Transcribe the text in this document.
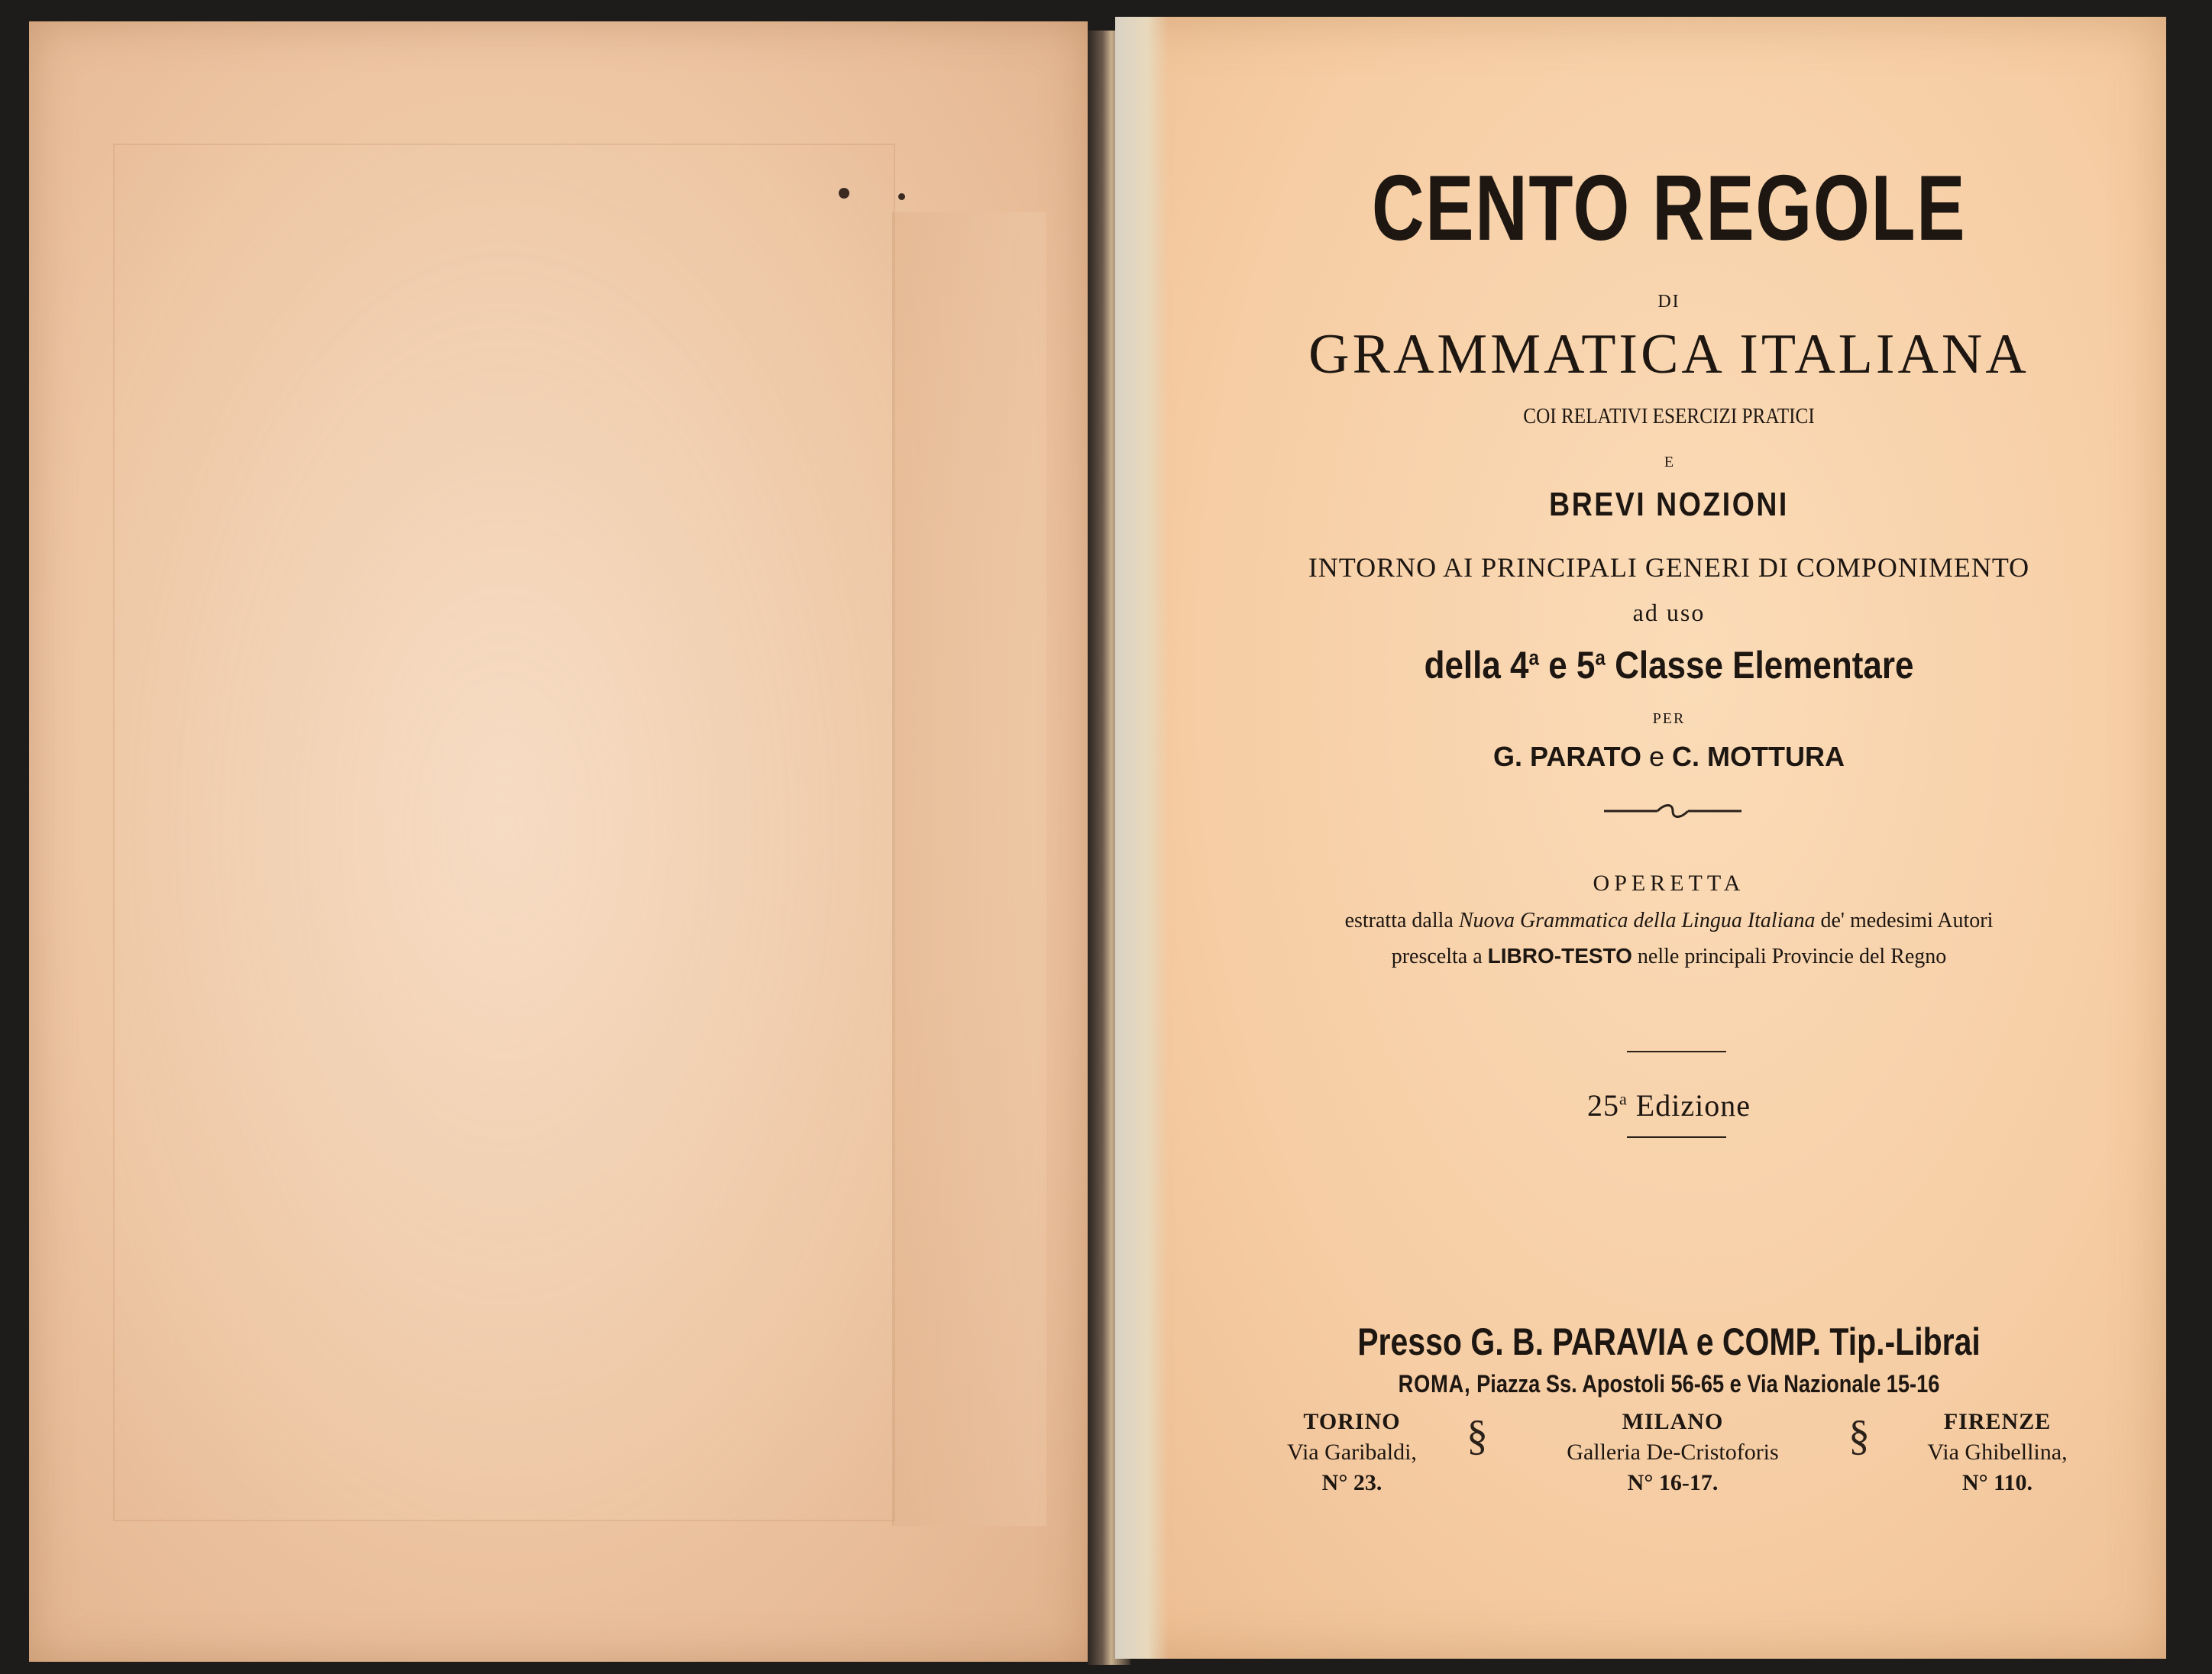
CENTO REGOLE
DI
GRAMMATICA ITALIANA
COI RELATIVI ESERCIZI PRATICI
E
BREVI NOZIONI
INTORNO AI PRINCIPALI GENERI DI COMPONIMENTO
ad uso
della 4$^a$ e 5$^a$ Classe Elementare
PER
G. PARATO e C. MOTTURA
OPERETTA
estratta dalla Nuova Grammatica della Lingua Italiana de' medesimi Autori
prescelta a LIBRO-TESTO nelle principali Provincie del Regno
25$^a$ Edizione
Presso G. B. PARAVIA e COMP. Tip.-Librai
ROMA, Piazza Ss. Apostoli 56-65 e Via Nazionale 15-16
TORINO
Via Garibaldi,
N° 23.
§	MILANO
Galleria De-Cristoforis
N° 16-17.
§	FIRENZE
Via Ghibellina,
N° 110.
